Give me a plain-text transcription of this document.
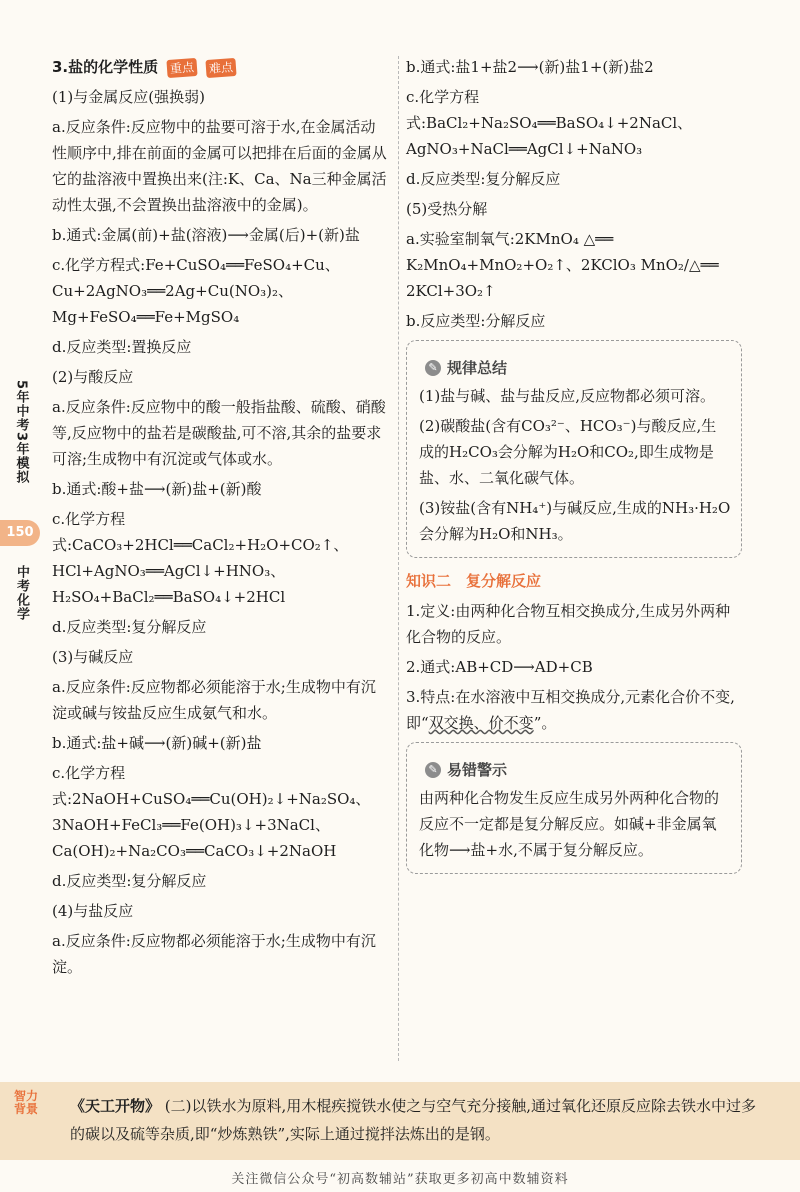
5年中考3年模拟
150
中考化学

3.盐的化学性质 重点 难点

(1)与金属反应(强换弱)

a.反应条件:反应物中的盐要可溶于水,在金属活动性顺序中,排在前面的金属可以把排在后面的金属从它的盐溶液中置换出来(注:K、Ca、Na三种金属活动性太强,不会置换出盐溶液中的金属)。

b.通式:金属(前)+盐(溶液)⟶金属(后)+(新)盐

c.化学方程式:Fe+CuSO₄══FeSO₄+Cu、Cu+2AgNO₃══2Ag+Cu(NO₃)₂、Mg+FeSO₄══Fe+MgSO₄

d.反应类型:置换反应

(2)与酸反应

a.反应条件:反应物中的酸一般指盐酸、硫酸、硝酸等,反应物中的盐若是碳酸盐,可不溶,其余的盐要求可溶;生成物中有沉淀或气体或水。

b.通式:酸+盐⟶(新)盐+(新)酸

c.化学方程式:CaCO₃+2HCl══CaCl₂+H₂O+CO₂↑、HCl+AgNO₃══AgCl↓+HNO₃、H₂SO₄+BaCl₂══BaSO₄↓+2HCl

d.反应类型:复分解反应

(3)与碱反应

a.反应条件:反应物都必须能溶于水;生成物中有沉淀或碱与铵盐反应生成氨气和水。

b.通式:盐+碱⟶(新)碱+(新)盐

c.化学方程式:2NaOH+CuSO₄══Cu(OH)₂↓+Na₂SO₄、3NaOH+FeCl₃══Fe(OH)₃↓+3NaCl、Ca(OH)₂+Na₂CO₃══CaCO₃↓+2NaOH

d.反应类型:复分解反应

(4)与盐反应

a.反应条件:反应物都必须能溶于水;生成物中有沉淀。

b.通式:盐1+盐2⟶(新)盐1+(新)盐2

c.化学方程式:BaCl₂+Na₂SO₄══BaSO₄↓+2NaCl、AgNO₃+NaCl══AgCl↓+NaNO₃

d.反应类型:复分解反应

(5)受热分解

a.实验室制氧气:2KMnO₄ △══ K₂MnO₄+MnO₂+O₂↑、2KClO₃ MnO₂/△══ 2KCl+3O₂↑

b.反应类型:分解反应

✎ 规律总结

(1)盐与碱、盐与盐反应,反应物都必须可溶。

(2)碳酸盐(含有CO₃²⁻、HCO₃⁻)与酸反应,生成的H₂CO₃会分解为H₂O和CO₂,即生成物是盐、水、二氧化碳气体。

(3)铵盐(含有NH₄⁺)与碱反应,生成的NH₃·H₂O会分解为H₂O和NH₃。

知识二　复分解反应

1.定义:由两种化合物互相交换成分,生成另外两种化合物的反应。

2.通式:AB+CD⟶AD+CB

3.特点:在水溶液中互相交换成分,元素化合价不变,即“双交换、价不变”。

✎ 易错警示

由两种化合物发生反应生成另外两种化合物的反应不一定都是复分解反应。如碱+非金属氧化物⟶盐+水,不属于复分解反应。

智力背景 《天工开物》 (二)以铁水为原料,用木棍疾搅铁水使之与空气充分接触,通过氧化还原反应除去铁水中过多的碳以及硫等杂质,即“炒炼熟铁”,实际上通过搅拌法炼出的是钢。
关注微信公众号“初高数辅站”获取更多初高中数辅资料
